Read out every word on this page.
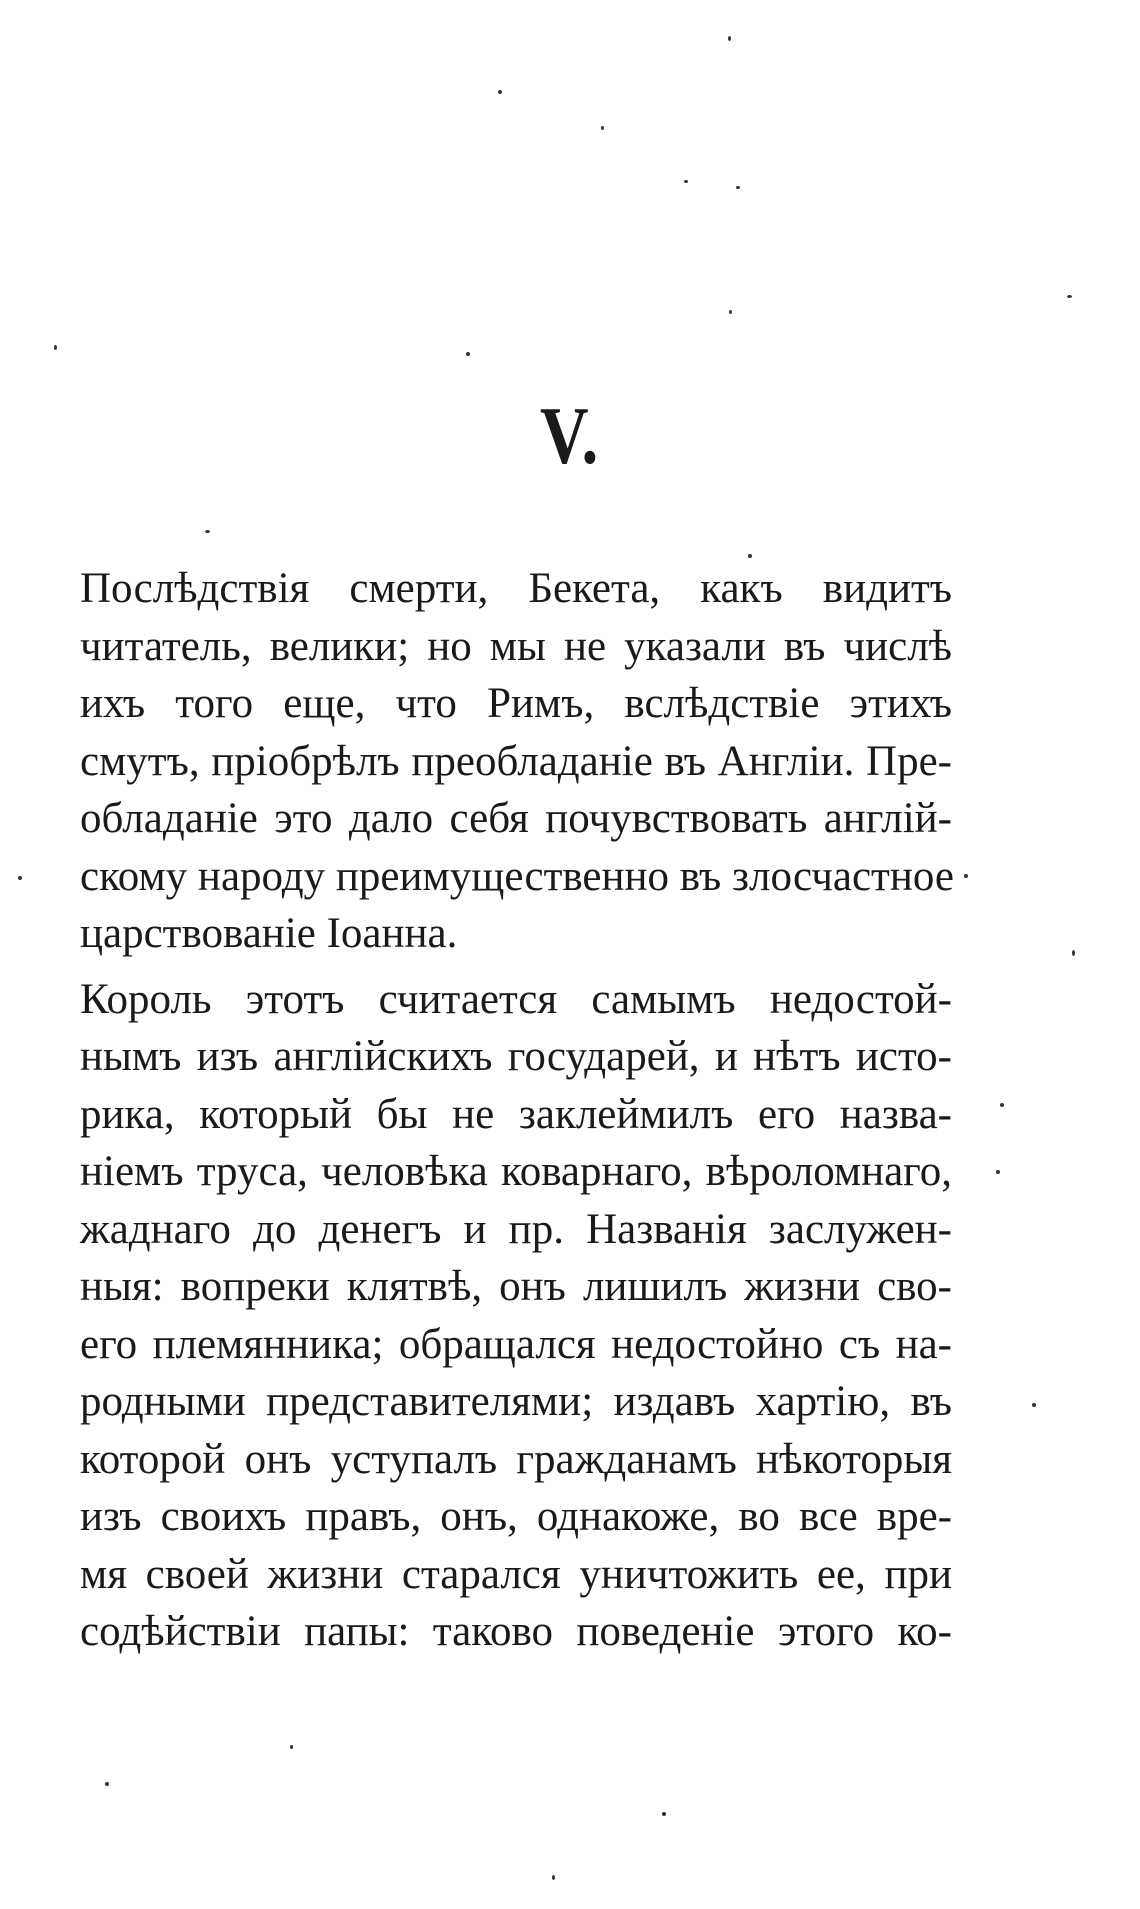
V.
Послѣдствія смерти, Бекета, какъ видитъ
читатель, велики; но мы не указали въ числѣ
ихъ того еще, что Римъ, вслѣдствіе этихъ
смутъ, пріобрѣлъ преобладаніе въ Англіи. Пре-
обладаніе это дало себя почувствовать англій-
скому народу преимущественно въ злосчастное
царствованіе Іоанна.
Король этотъ считается самымъ недостой-
нымъ изъ англійскихъ государей, и нѣтъ исто-
рика, который бы не заклеймилъ его назва-
ніемъ труса, человѣка коварнаго, вѣроломнаго,
жаднаго до денегъ и пр. Названія заслужен-
ныя: вопреки клятвѣ, онъ лишилъ жизни сво-
его племянника; обращался недостойно съ на-
родными представителями; издавъ хартію, въ
которой онъ уступалъ гражданамъ нѣкоторыя
изъ своихъ правъ, онъ, однакоже, во все вре-
мя своей жизни старался уничтожить ее, при
содѣйствіи папы: таково поведеніе этого ко-
